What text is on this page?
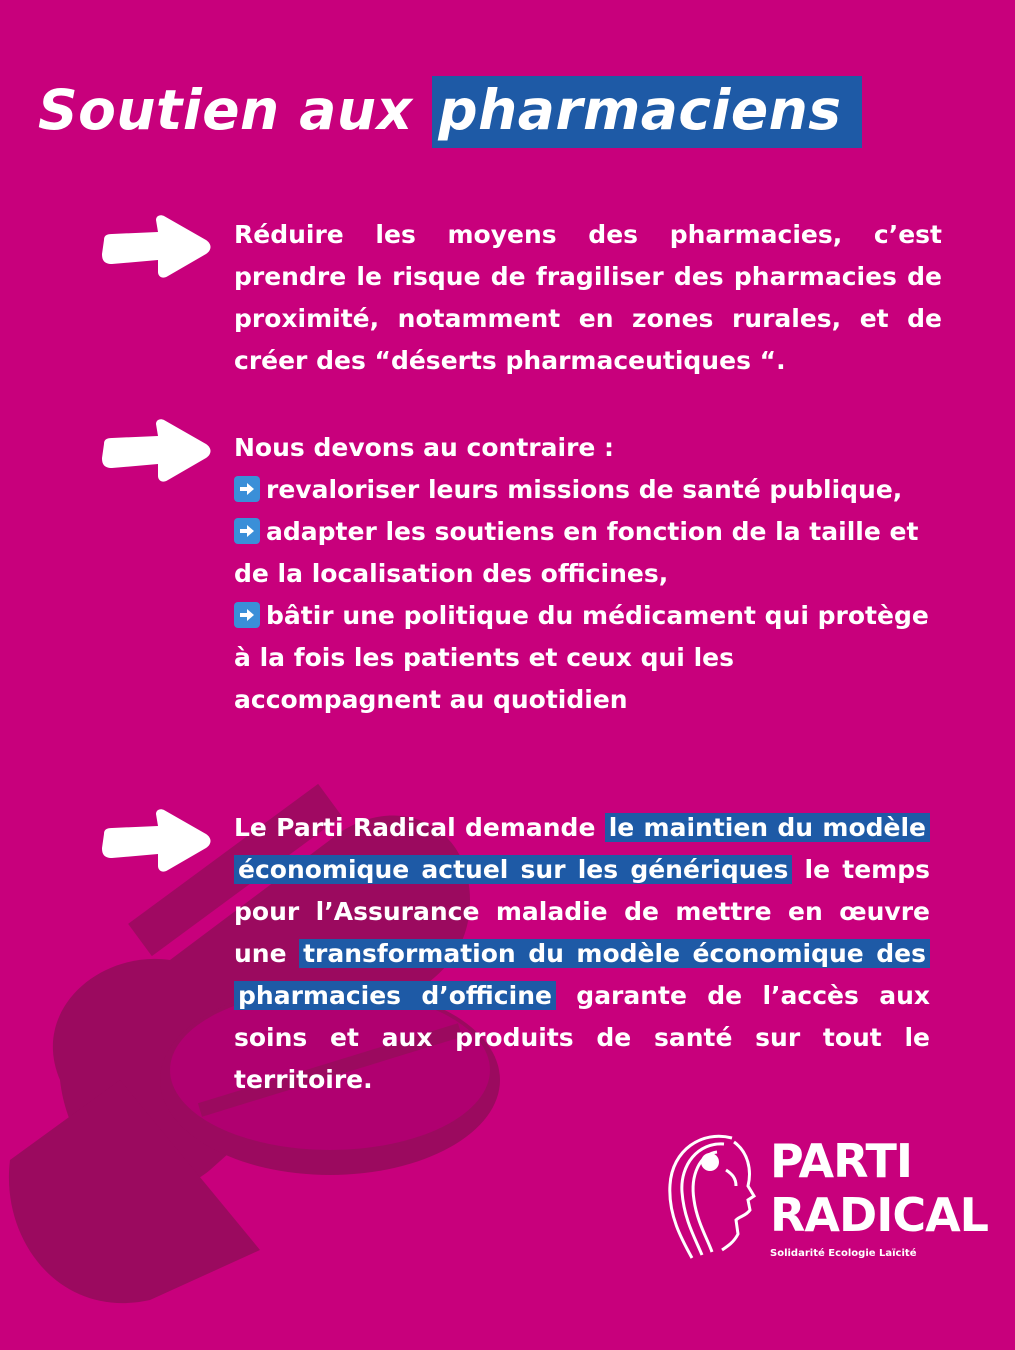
Soutien aux pharmaciens

Réduire les moyens des pharmacies, c’est prendre le risque de fragiliser des pharmacies de proximité, notamment en zones rurales, et de créer des “déserts pharmaceutiques “.

Nous devons au contraire :

revaloriser leurs missions de santé publique,

adapter les soutiens en fonction de la taille et de la localisation des officines,

bâtir une politique du médicament qui protège à la fois les patients et ceux qui les accompagnent au quotidien

Le Parti Radical demande le maintien du modèle économique actuel sur les génériques le temps pour l’Assurance maladie de mettre en œuvre une transformation du modèle économique des pharmacies d’officine garante de l’accès aux soins et aux produits de santé sur tout le territoire.

PARTI
RADICAL
Solidarité Ecologie Laïcité
